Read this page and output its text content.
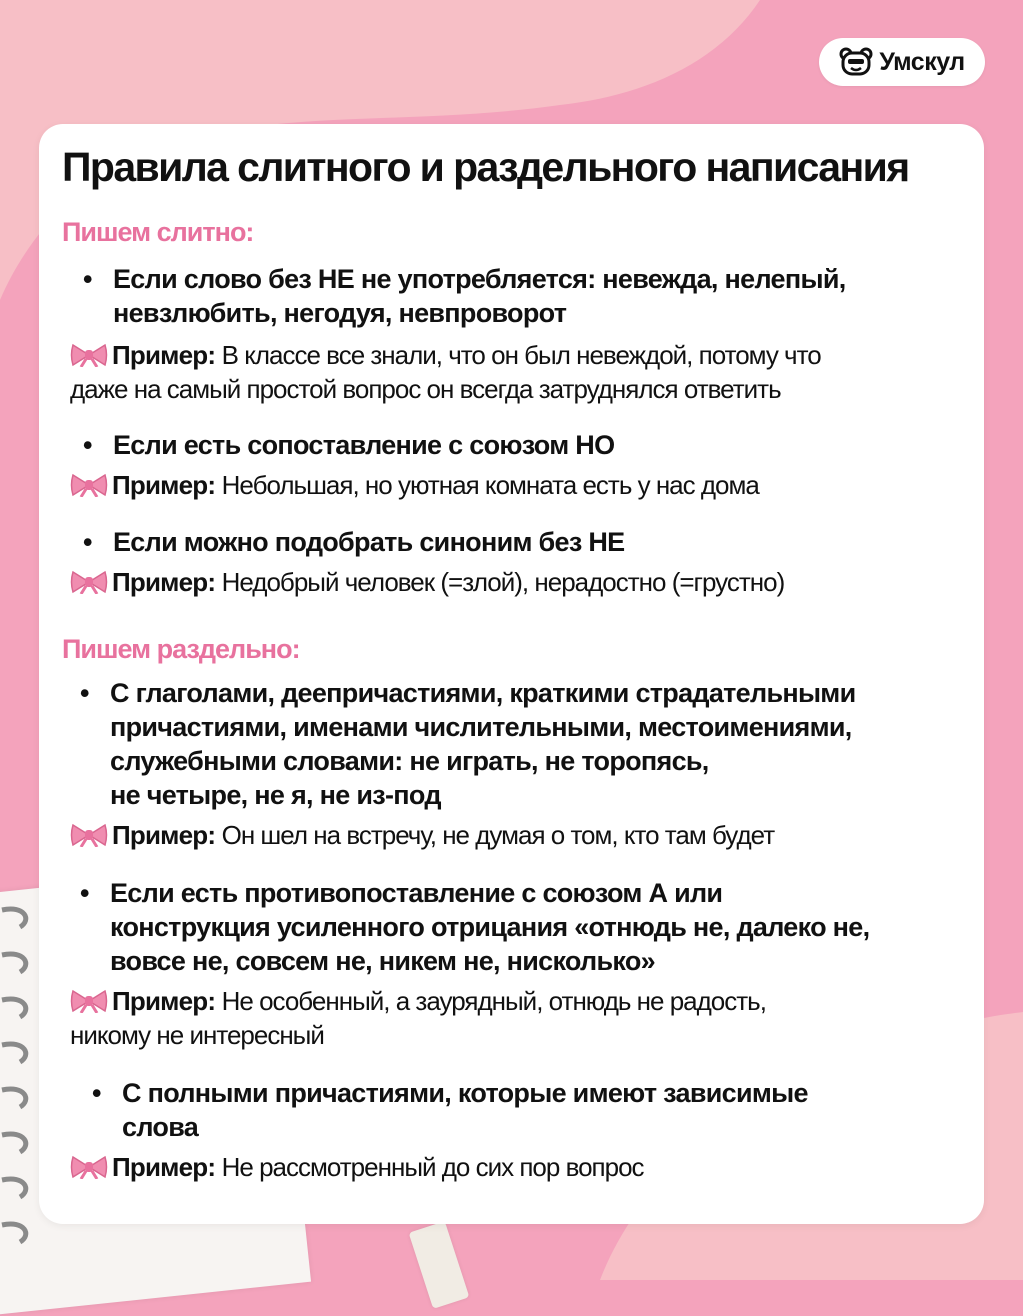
Умскул
Правила слитного и раздельного написания
Пишем слитно:
• Если слово без НЕ не употребляется: невежда, нелепый,
невзлюбить, негодуя, невпроворот
Пример: В классе все знали, что он был невеждой, потому что
даже на самый простой вопрос он всегда затруднялся ответить
• Если есть сопоставление с союзом НО
Пример: Небольшая, но уютная комната есть у нас дома
• Если можно подобрать синоним без НЕ
Пример: Недобрый человек (=злой), нерадостно (=грустно)
Пишем раздельно:
• С глаголами, деепричастиями, краткими страдательными
причастиями, именами числительными, местоимениями,
служебными словами: не играть, не торопясь,
не четыре, не я, не из-под
Пример: Он шел на встречу, не думая о том, кто там будет
• Если есть противопоставление с союзом А или
конструкция усиленного отрицания «отнюдь не, далеко не,
вовсе не, совсем не, никем не, нисколько»
Пример: Не особенный, а заурядный, отнюдь не радость,
никому не интересный
• С полными причастиями, которые имеют зависимые
слова
Пример: Не рассмотренный до сих пор вопрос
